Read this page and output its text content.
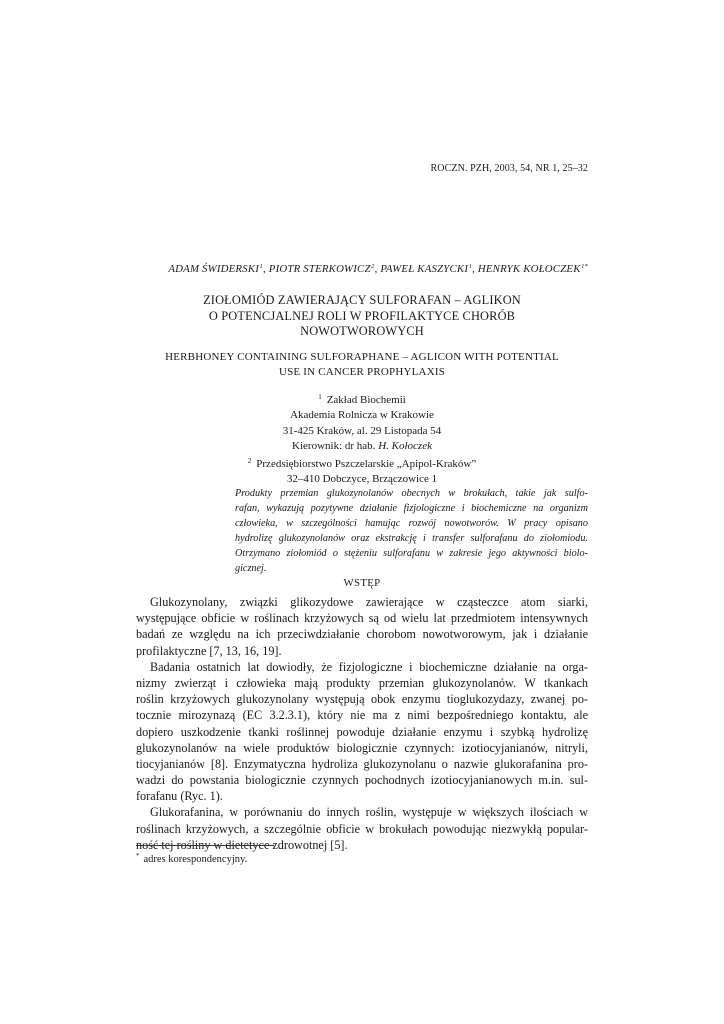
ROCZN. PZH, 2003, 54, NR 1, 25–32
ADAM ŚWIDERSKI$^1$, PIOTR STERKOWICZ$^2$, PAWEŁ KASZYCKI$^1$, HENRYK $KOŁOCZEK^{1*}$
ZIOŁOMIÓD ZAWIERAJĄCY SULFORAFAN – AGLIKON
O POTENCJALNEJ ROLI W PROFILAKTYCE CHORÓB
NOWOTWOROWYCH
HERBHONEY CONTAINING SULFORAPHANE – AGLICON WITH POTENTIAL
USE IN CANCER PROPHYLAXIS
$^1$ Zakład Biochemii
Akademia Rolnicza w Krakowie
31-425 Kraków, al. 29 Listopada 54
Kierownik: dr hab. H. Kołoczek
$^2$ Przedsiębiorstwo Pszczelarskie „Apipol-Kraków”
32–410 Dobczyce, Brzączowice 1
Produkty przemian glukozynolanów obecnych w brokułach, takie jak sulfo-
rafan, wykazują pozytywne działanie fizjologiczne i biochemiczne na organizm
człowieka, w szczególności hamując rozwój nowotworów. W pracy opisano
hydrolizę glukozynolanów oraz ekstrakcję i transfer sulforafanu do ziołomiodu.
Otrzymano ziołomiód o stężeniu sulforafanu w zakresie jego aktywności biolo-
gicznej.
WSTĘP
Glukozynolany, związki glikozydowe zawierające w cząsteczce atom siarki,
występujące obficie w roślinach krzyżowych są od wielu lat przedmiotem intensywnych
badań ze względu na ich przeciwdziałanie chorobom nowotworowym, jak i działanie
profilaktyczne [7, 13, 16, 19].
Badania ostatnich lat dowiodły, że fizjologiczne i biochemiczne działanie na orga-
nizmy zwierząt i człowieka mają produkty przemian glukozynolanów. W tkankach
roślin krzyżowych glukozynolany występują obok enzymu tioglukozydazy, zwanej po-
tocznie mirozynazą (EC 3.2.3.1), który nie ma z nimi bezpośredniego kontaktu, ale
dopiero uszkodzenie tkanki roślinnej powoduje działanie enzymu i szybką hydrolizę
glukozynolanów na wiele produktów biologicznie czynnych: izotiocyjanianów, nitryli,
tiocyjanianów [8]. Enzymatyczna hydroliza glukozynolanu o nazwie glukorafanina pro-
wadzi do powstania biologicznie czynnych pochodnych izotiocyjanianowych m.in. sul-
forafanu (Ryc. 1).
Glukorafanina, w porównaniu do innych roślin, występuje w większych ilościach w
roślinach krzyżowych, a szczególnie obficie w brokułach powodując niezwykłą popular-
ność tej rośliny w dietetyce zdrowotnej [5].
* adres korespondencyjny.
